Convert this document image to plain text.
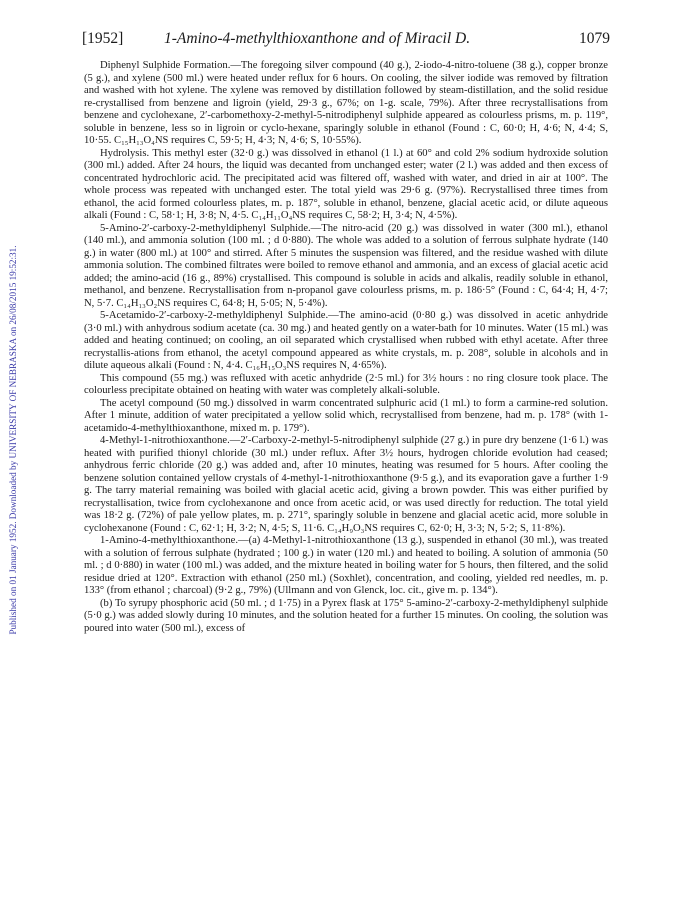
Published on 01 January 1952. Downloaded by UNIVERSITY OF NEBRASKA on 26/08/2015 19:52:31.
[1952]	1-Amino-4-methylthioxanthone and of Miracil D.	1079

Diphenyl Sulphide Formation.—The foregoing silver compound (40 g.), 2-iodo-4-nitro-toluene (38 g.), copper bronze (5 g.), and xylene (500 ml.) were heated under reflux for 6 hours. On cooling, the silver iodide was removed by filtration and washed with hot xylene. The xylene was removed by distillation followed by steam-distillation, and the solid residue re-crystallised from benzene and ligroin (yield, 29·3 g., 67%; on 1-g. scale, 79%). After three recrystallisations from benzene and cyclohexane, 2′-carbomethoxy-2-methyl-5-nitrodiphenyl sulphide appeared as colourless prisms, m. p. 119°, soluble in benzene, less so in ligroin or cyclo-hexane, sparingly soluble in ethanol (Found : C, 60·0; H, 4·6; N, 4·4; S, 10·55. C₁₅H₁₃O₄NS requires C, 59·5; H, 4·3; N, 4·6; S, 10·55%).

Hydrolysis. This methyl ester (32·0 g.) was dissolved in ethanol (1 l.) at 60° and cold 2% sodium hydroxide solution (300 ml.) added. After 24 hours, the liquid was decanted from unchanged ester; water (2 l.) was added and then excess of concentrated hydrochloric acid. The precipitated acid was filtered off, washed with water, and dried in air at 100°. The whole process was repeated with unchanged ester. The total yield was 29·6 g. (97%). Recrystallised three times from ethanol, the acid formed colourless plates, m. p. 187°, soluble in ethanol, benzene, glacial acetic acid, or dilute aqueous alkali (Found : C, 58·1; H, 3·8; N, 4·5. C₁₄H₁₁O₄NS requires C, 58·2; H, 3·4; N, 4·5%).

5-Amino-2′-carboxy-2-methyldiphenyl Sulphide.—The nitro-acid (20 g.) was dissolved in water (300 ml.), ethanol (140 ml.), and ammonia solution (100 ml. ; d 0·880). The whole was added to a solution of ferrous sulphate hydrate (140 g.) in water (800 ml.) at 100° and stirred. After 5 minutes the suspension was filtered, and the residue washed with dilute ammonia solution. The combined filtrates were boiled to remove ethanol and ammonia, and an excess of glacial acetic acid added; the amino-acid (16 g., 89%) crystallised. This compound is soluble in acids and alkalis, readily soluble in ethanol, methanol, and benzene. Recrystallisation from n-propanol gave colourless prisms, m. p. 186·5° (Found : C, 64·4; H, 4·7; N, 5·7. C₁₄H₁₃O₂NS requires C, 64·8; H, 5·05; N, 5·4%).

5-Acetamido-2′-carboxy-2-methyldiphenyl Sulphide.—The amino-acid (0·80 g.) was dissolved in acetic anhydride (3·0 ml.) with anhydrous sodium acetate (ca. 30 mg.) and heated gently on a water-bath for 10 minutes. Water (15 ml.) was added and heating continued; on cooling, an oil separated which crystallised when rubbed with ethyl acetate. After three recrystallis-ations from ethanol, the acetyl compound appeared as white crystals, m. p. 208°, soluble in alcohols and in dilute aqueous alkali (Found : N, 4·4. C₁₆H₁₅O₃NS requires N, 4·65%).

This compound (55 mg.) was refluxed with acetic anhydride (2·5 ml.) for 3½ hours : no ring closure took place. The colourless precipitate obtained on heating with water was completely alkali-soluble.

The acetyl compound (50 mg.) dissolved in warm concentrated sulphuric acid (1 ml.) to form a carmine-red solution. After 1 minute, addition of water precipitated a yellow solid which, recrystallised from benzene, had m. p. 178° (with 1-acetamido-4-methylthioxanthone, mixed m. p. 179°).

4-Methyl-1-nitrothioxanthone.—2′-Carboxy-2-methyl-5-nitrodiphenyl sulphide (27 g.) in pure dry benzene (1·6 l.) was heated with purified thionyl chloride (30 ml.) under reflux. After 3½ hours, hydrogen chloride evolution had ceased; anhydrous ferric chloride (20 g.) was added and, after 10 minutes, heating was resumed for 5 hours. After cooling the benzene solution contained yellow crystals of 4-methyl-1-nitrothioxanthone (9·5 g.), and its evaporation gave a further 1·9 g. The tarry material remaining was boiled with glacial acetic acid, giving a brown powder. This was either purified by recrystallisation, twice from cyclohexanone and once from acetic acid, or was used directly for reduction. The total yield was 18·2 g. (72%) of pale yellow plates, m. p. 271°, sparingly soluble in benzene and glacial acetic acid, more soluble in cyclohexanone (Found : C, 62·1; H, 3·2; N, 4·5; S, 11·6. C₁₄H₉O₃NS requires C, 62·0; H, 3·3; N, 5·2; S, 11·8%).

1-Amino-4-methylthioxanthone.—(a) 4-Methyl-1-nitrothioxanthone (13 g.), suspended in ethanol (30 ml.), was treated with a solution of ferrous sulphate (hydrated ; 100 g.) in water (120 ml.) and heated to boiling. A solution of ammonia (50 ml. ; d 0·880) in water (100 ml.) was added, and the mixture heated in boiling water for 5 hours, then filtered, and the solid residue dried at 120°. Extraction with ethanol (250 ml.) (Soxhlet), concentration, and cooling, yielded red needles, m. p. 133° (from ethanol ; charcoal) (9·2 g., 79%) (Ullmann and von Glenck, loc. cit., give m. p. 134°).

(b) To syrupy phosphoric acid (50 ml. ; d 1·75) in a Pyrex flask at 175° 5-amino-2′-carboxy-2-methyldiphenyl sulphide (5·0 g.) was added slowly during 10 minutes, and the solution heated for a further 15 minutes. On cooling, the solution was poured into water (500 ml.), excess of
